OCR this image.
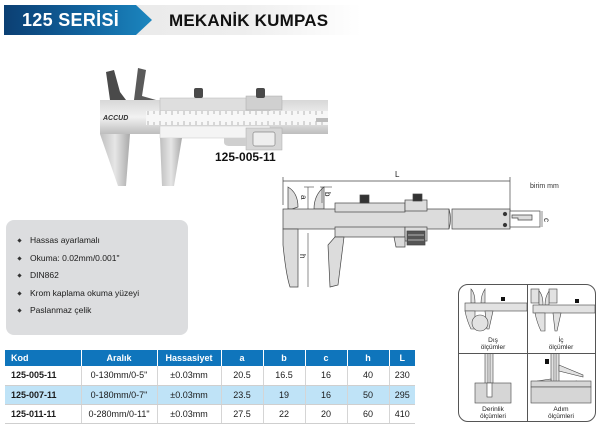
125 SERİSİ	MEKANİK KUMPAS
ACCUD
125-005-11
L
a
b
c
h
birim mm
Hassas ayarlamalı
Okuma: 0.02mm/0.001"
DIN862
Krom kaplama okuma yüzeyi
Paslanmaz çelik
Kod	Aralık	Hassasiyet	a	b	c	h	L
125-005-11	0-130mm/0-5"	±0.03mm	20.5	16.5	16	40	230
125-007-11	0-180mm/0-7"	±0.03mm	23.5	19	16	50	295
125-011-11	0-280mm/0-11"	±0.03mm	27.5	22	20	60	410
Dış
ölçümler
İç
ölçümler
Derinlik
ölçümleri
Adım
ölçümleri
